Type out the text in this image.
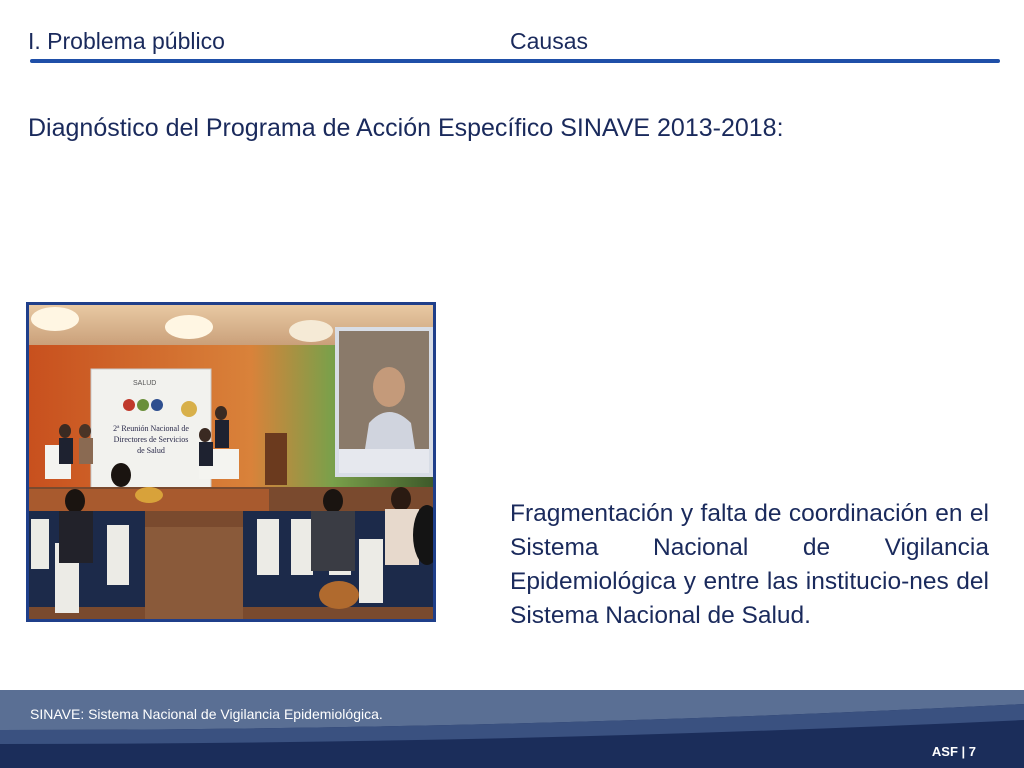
I. Problema público	Causas
Diagnóstico del Programa de Acción Específico SINAVE 2013-2018:
SALUD
2ª Reunión Nacional de
Directores de Servicios
de Salud
Fragmentación y falta de coordinación en el Sistema Nacional de Vigilancia Epidemiológica y entre las institucio-nes del Sistema Nacional de Salud.
SINAVE: Sistema Nacional de Vigilancia Epidemiológica.
ASF | 7
